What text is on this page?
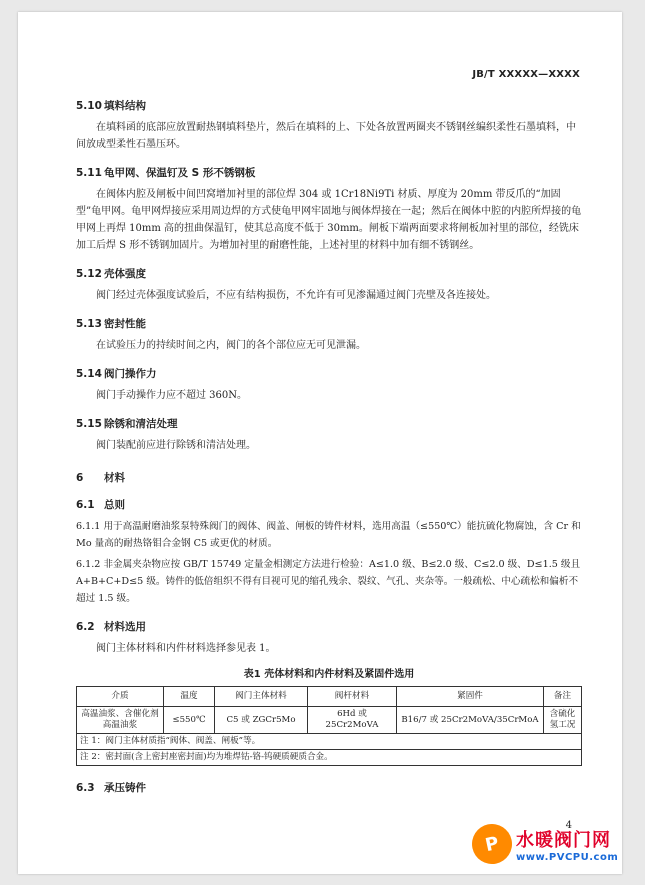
JB/T XXXXX—XXXX
5.10 填料结构
在填料函的底部应放置耐热钢填料垫片，然后在填料的上、下处各放置两圈夹不锈钢丝编织柔性石墨填料，中间放成型柔性石墨压环。
5.11 龟甲网、保温钉及 S 形不锈钢板
在阀体内腔及闸板中间凹窝增加衬里的部位焊 304 或 1Cr18Ni9Ti 材质、厚度为 20mm 带反爪的“加固型”龟甲网。龟甲网焊接应采用周边焊的方式使龟甲网牢固地与阀体焊接在一起；然后在阀体中腔的内腔所焊接的龟甲网上再焊 10mm 高的扭曲保温钉，使其总高度不低于 30mm。闸板下端两面要求将闸板加衬里的部位，经铣床加工后焊 S 形不锈钢加固片。为增加衬里的耐磨性能，上述衬里的材料中加有细不锈钢丝。
5.12 壳体强度
阀门经过壳体强度试验后，不应有结构损伤，不允许有可见渗漏通过阀门壳壁及各连接处。
5.13 密封性能
在试验压力的持续时间之内，阀门的各个部位应无可见泄漏。
5.14 阀门操作力
阀门手动操作力应不超过 360N。
5.15 除锈和清洁处理
阀门装配前应进行除锈和清洁处理。
6 材料
6.1 总则
6.1.1 用于高温耐磨油浆泵特殊阀门的阀体、阀盖、闸板的铸件材料，选用高温（≤550℃）能抗硫化物腐蚀，含 Cr 和 Mo 量高的耐热铬钼合金钢 C5 或更优的材质。
6.1.2 非金属夹杂物应按 GB/T 15749 定量金相测定方法进行检验：A≤1.0 级、B≤2.0 级、C≤2.0 级、D≤1.5 级且 A+B+C+D≤5 级。铸件的低倍组织不得有目视可见的缩孔残余、裂纹、气孔、夹杂等。一般疏松、中心疏松和偏析不超过 1.5 级。
6.2 材料选用
阀门主体材料和内件材料选择参见表 1。
表1 壳体材料和内件材料及紧固件选用
介质	温度	阀门主体材料	阀杆材料	紧固件	备注
高温油浆、含催化剂高温油浆	≤550℃	C5 或 ZGCr5Mo	6Hd 或 25Cr2MoVA	B16/7 或 25Cr2MoVA/35CrMoA	含硫化氢工况
注 1：阀门主体材质指“阀体、阀盖、闸板”等。					
注 2：密封面(含上密封座密封面)均为堆焊钴-铬-钨硬质硬质合金。					
6.3 承压铸件
4
P 水暖阀门网
www.PVCPU.com
